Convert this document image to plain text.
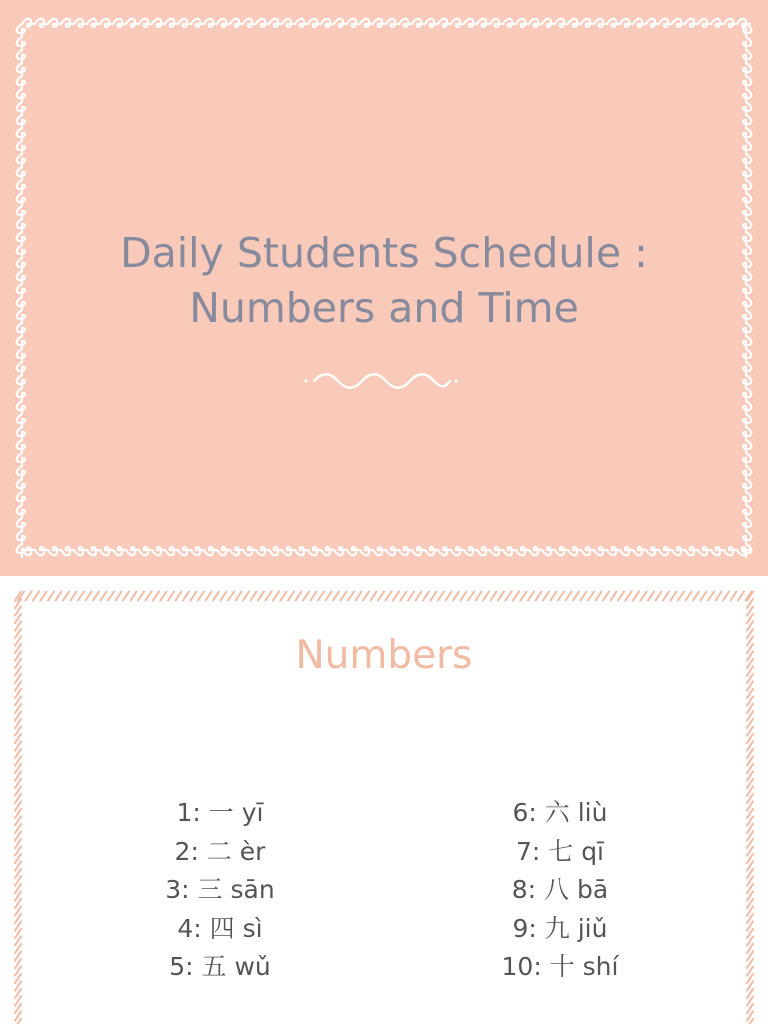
Daily Students Schedule :
Numbers and Time
Numbers
1: 一 yī
2: 二 èr
3: 三 sān
4: 四 sì
5: 五 wǔ
6: 六 liù
7: 七 qī
8: 八 bā
9: 九 jiǔ
10: 十 shí
